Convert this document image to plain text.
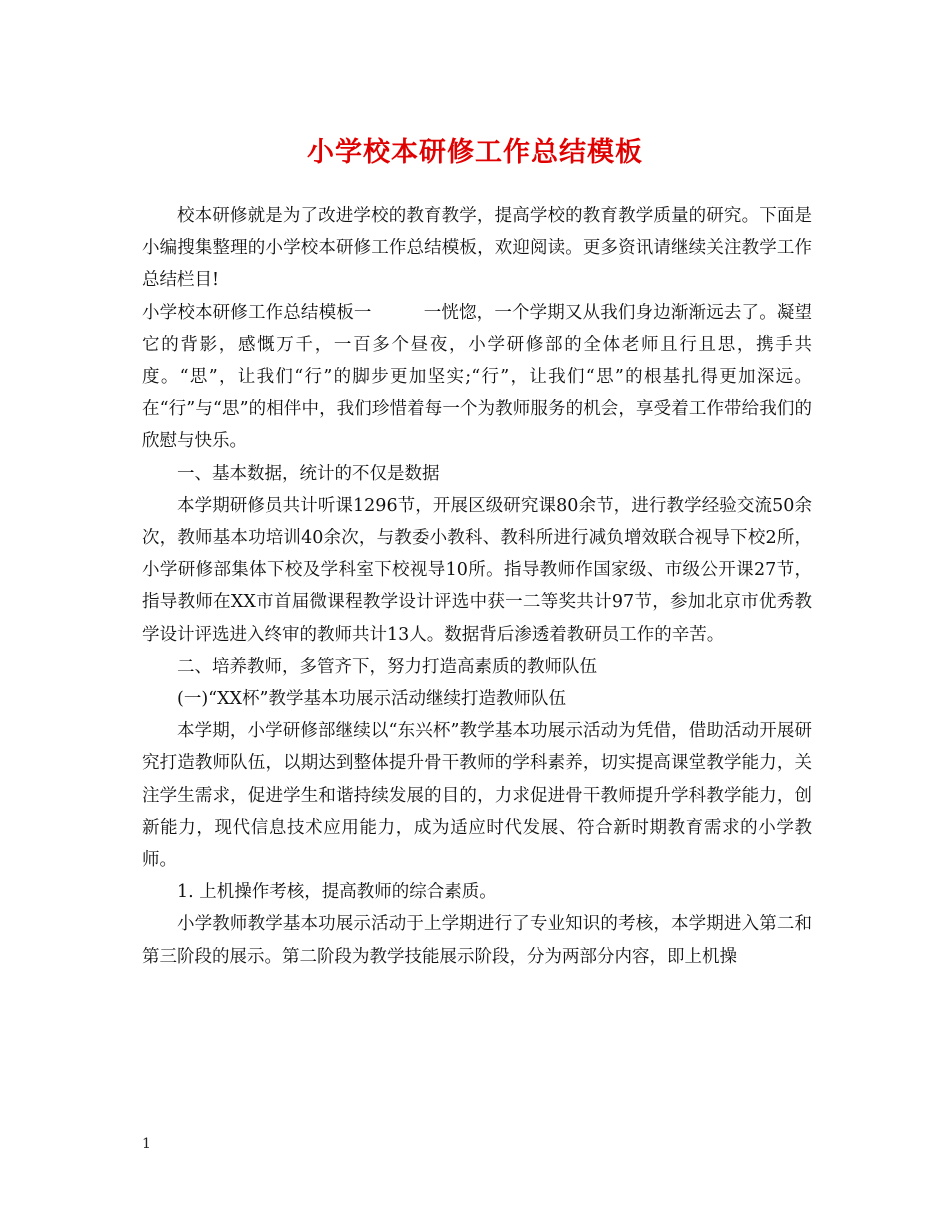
小学校本研修工作总结模板

校本研修就是为了改进学校的教育教学，提高学校的教育教学质量的研究。下面是小编搜集整理的小学校本研修工作总结模板，欢迎阅读。更多资讯请继续关注教学工作总结栏目!

小学校本研修工作总结模板一	一恍惚，一个学期又从我们身边渐渐远去了。凝望它的背影，感慨万千，一百多个昼夜，小学研修部的全体老师且行且思，携手共度。“思”，让我们“行”的脚步更加坚实;“行”，让我们“思”的根基扎得更加深远。在“行”与“思”的相伴中，我们珍惜着每一个为教师服务的机会，享受着工作带给我们的欣慰与快乐。

一、基本数据，统计的不仅是数据

本学期研修员共计听课1296节，开展区级研究课80余节，进行教学经验交流50余次，教师基本功培训40余次，与教委小教科、教科所进行减负增效联合视导下校2所，小学研修部集体下校及学科室下校视导10所。指导教师作国家级、市级公开课27节，指导教师在XX市首届微课程教学设计评选中获一二等奖共计97节，参加北京市优秀教学设计评选进入终审的教师共计13人。数据背后渗透着教研员工作的辛苦。

二、培养教师，多管齐下，努力打造高素质的教师队伍

(一)“XX杯”教学基本功展示活动继续打造教师队伍

本学期，小学研修部继续以“东兴杯”教学基本功展示活动为凭借，借助活动开展研究打造教师队伍，以期达到整体提升骨干教师的学科素养，切实提高课堂教学能力，关注学生需求，促进学生和谐持续发展的目的，力求促进骨干教师提升学科教学能力，创新能力，现代信息技术应用能力，成为适应时代发展、符合新时期教育需求的小学教师。

1. 上机操作考核，提高教师的综合素质。

小学教师教学基本功展示活动于上学期进行了专业知识的考核，本学期进入第二和第三阶段的展示。第二阶段为教学技能展示阶段，分为两部分内容，即上机操

1
